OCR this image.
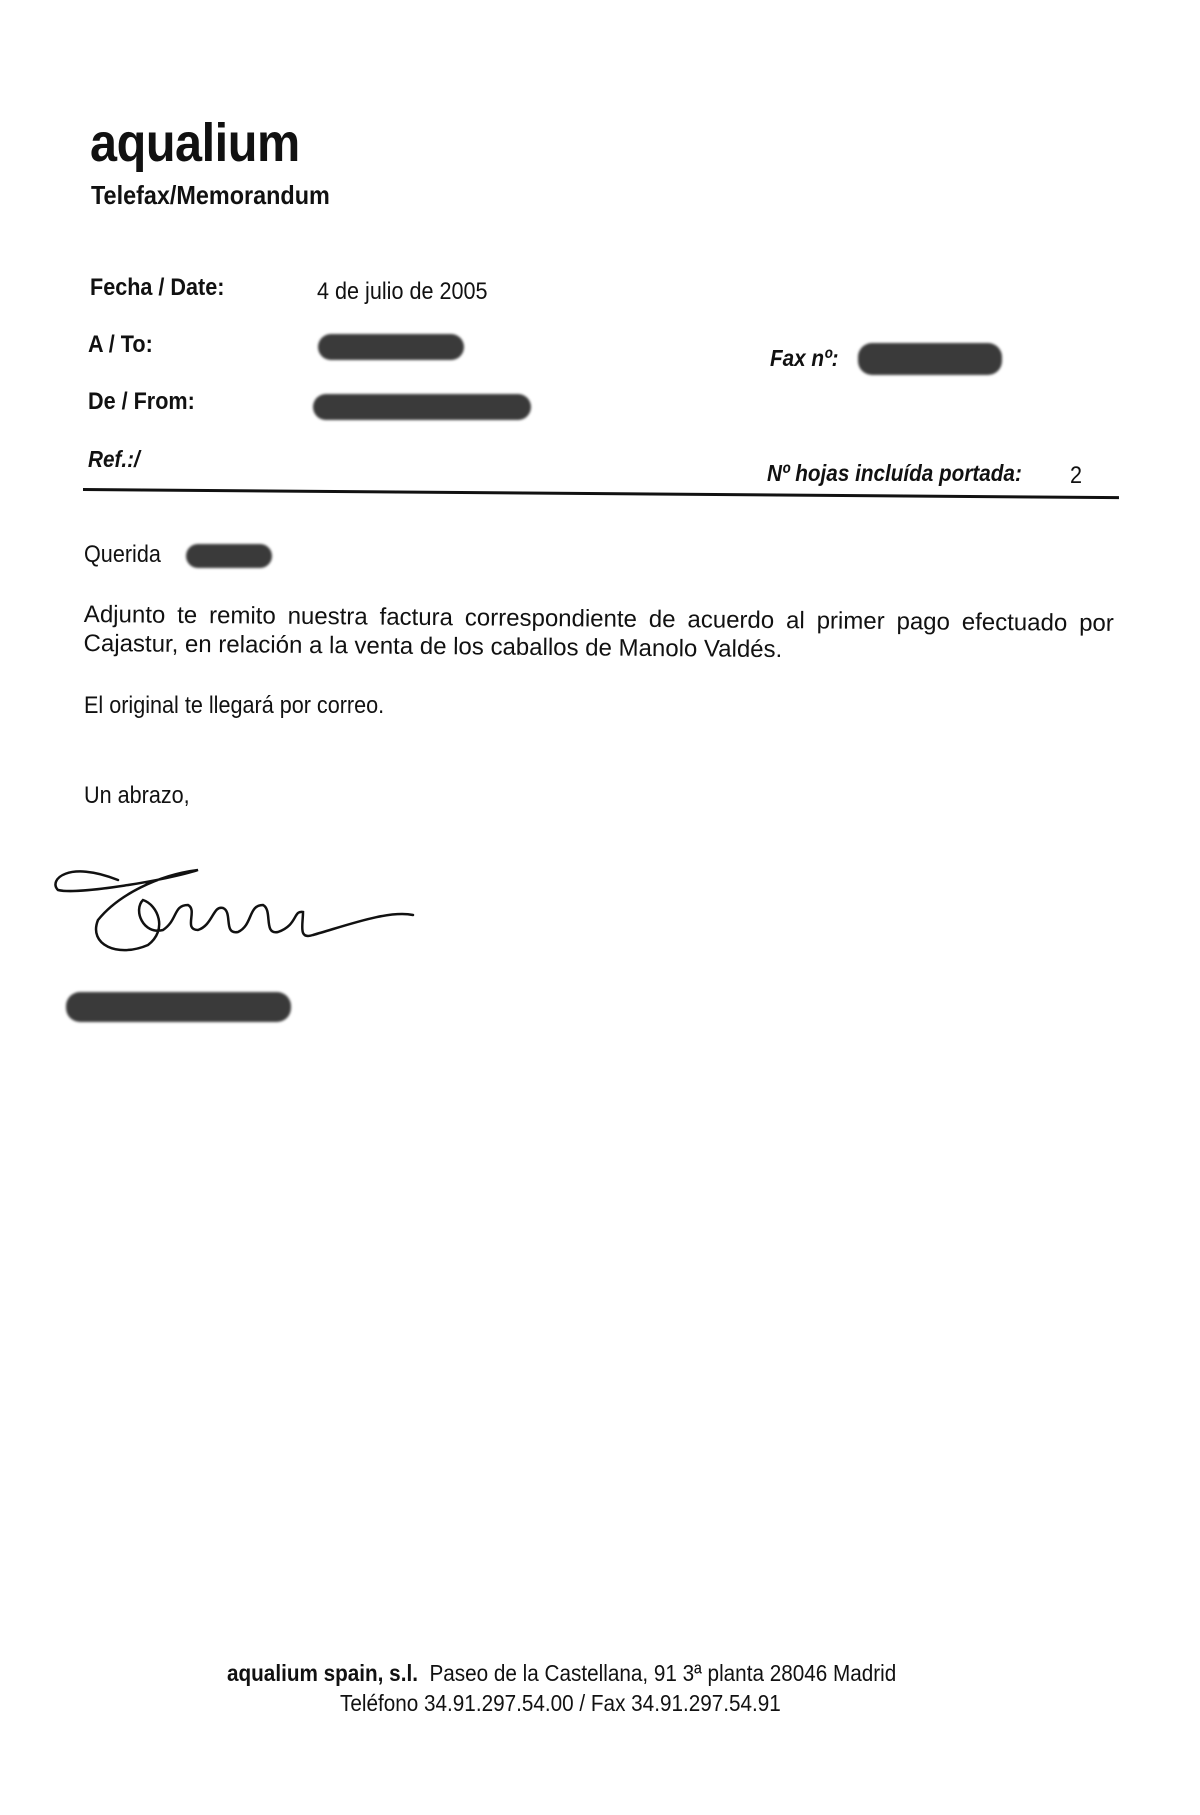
aqualium
Telefax/Memorandum
Fecha / Date:	4 de julio de 2005
A / To:	Fax nº:
De / From:
Ref.:/
Nº hojas incluída portada: 2
Querida
Adjunto te remito nuestra factura correspondiente de acuerdo al primer pago efectuado por Cajastur, en relación a la venta de los caballos de Manolo Valdés.
El original te llegará por correo.
Un abrazo,
aqualium spain, s.l. Paseo de la Castellana, 91 3ª planta 28046 Madrid
Teléfono 34.91.297.54.00 / Fax 34.91.297.54.91
